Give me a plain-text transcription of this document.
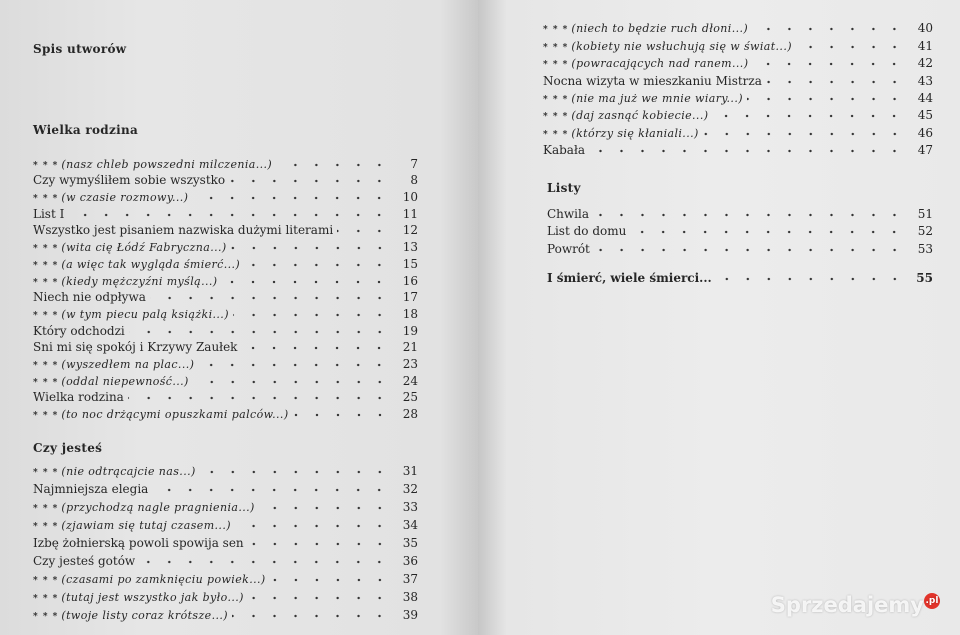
Spis utworów
Wielka rodzina
* * * (nasz chleb powszedni milczenia...)	7
Czy wymyśliłem sobie wszystko	8
* * * (w czasie rozmowy...)	10
List I	11
Wszystko jest pisaniem nazwiska dużymi literami	12
* * * (wita cię Łódź Fabryczna...)	13
* * * (a więc tak wygląda śmierć...)	15
* * * (kiedy mężczyźni myślą...)	16
Niech nie odpływa	17
* * * (w tym piecu palą książki...)	18
Który odchodzi	19
Sni mi się spokój i Krzywy Zaułek	21
* * * (wyszedłem na plac...)	23
* * * (oddal niepewność...)	24
Wielka rodzina	25
* * * (to noc drżącymi opuszkami palców...)	28
Czy jesteś
* * * (nie odtrącajcie nas...)	31
Najmniejsza elegia	32
* * * (przychodzą nagle pragnienia...)	33
* * * (zjawiam się tutaj czasem...)	34
Izbę żołnierską powoli spowija sen	35
Czy jesteś gotów	36
* * * (czasami po zamknięciu powiek...)	37
* * * (tutaj jest wszystko jak było...)	38
* * * (twoje listy coraz krótsze...)	39
* * * (niech to będzie ruch dłoni...)	40
* * * (kobiety nie wsłuchują się w świat...)	41
* * * (powracających nad ranem...)	42
Nocna wizyta w mieszkaniu Mistrza	43
* * * (nie ma już we mnie wiary...)	44
* * * (daj zasnąć kobiecie...)	45
* * * (którzy się kłaniali...)	46
Kabała	47
Listy
Chwila	51
List do domu	52
Powrót	53
I śmierć, wiele śmierci...	55
Sprzedajemy .pl
